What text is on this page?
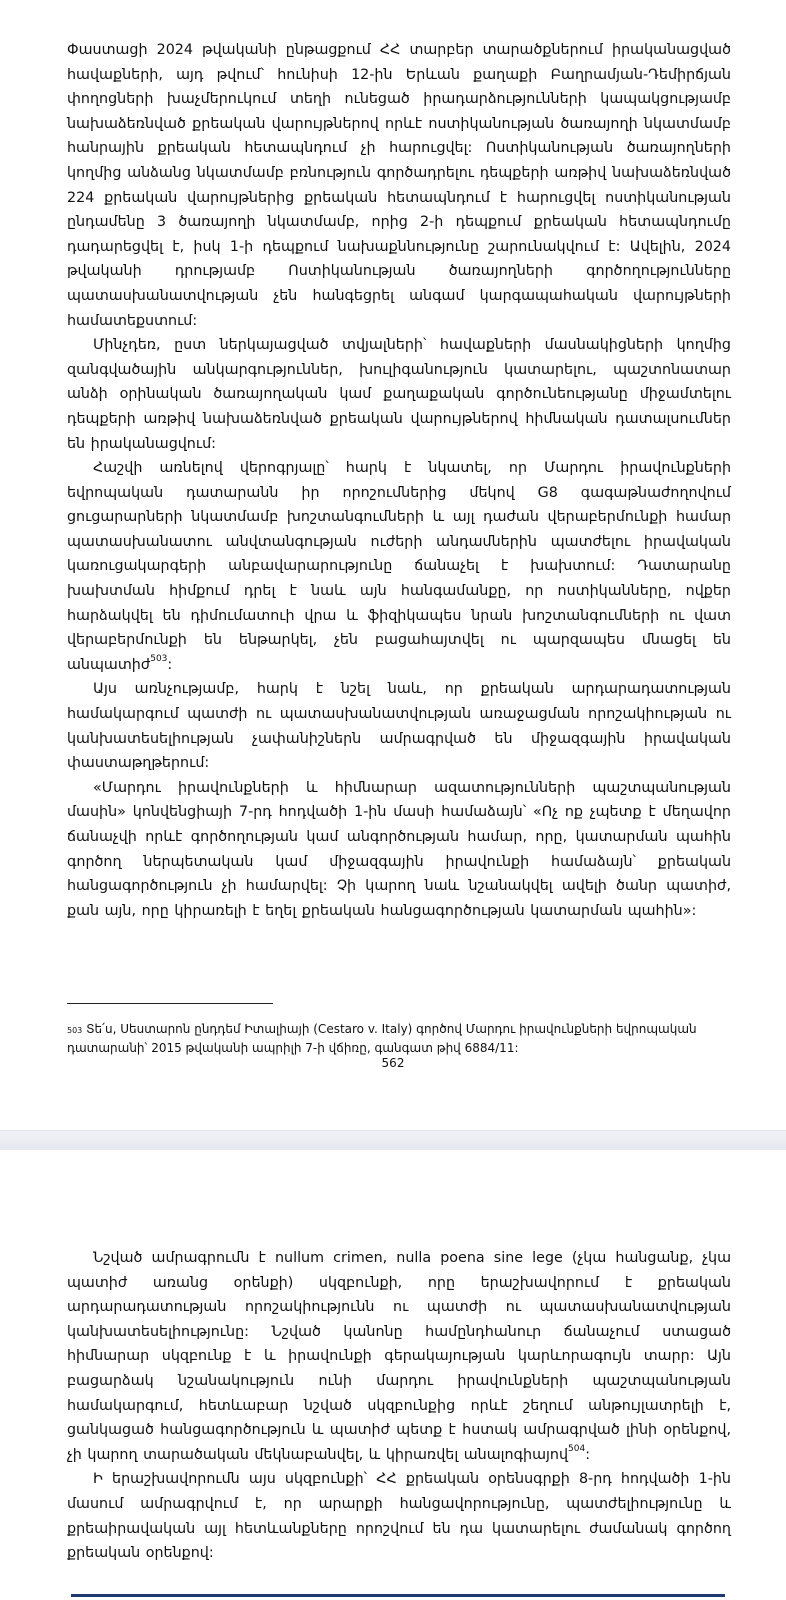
Փաստացի 2024 թվականի ընթացքում ՀՀ տարբեր տարածքներում իրականացված հավաքների, այդ թվում՝ հունիսի 12-ին Երևան քաղաքի Բաղրամյան-Դեմիրճյան փողոցների խաչմերուկում տեղի ունեցած իրադարձությունների կապակցությամբ նախաձեռնված քրեական վարույթներով որևէ ոստիկանության ծառայողի նկատմամբ հանրային քրեական հետապնդում չի հարուցվել: Ոստիկանության ծառայողների կողմից անձանց նկատմամբ բռնություն գործադրելու դեպքերի առթիվ նախաձեռնված 224 քրեական վարույթներից քրեական հետապնդում է հարուցվել ոստիկանության ընդամենը 3 ծառայողի նկատմամբ, որից 2-ի դեպքում քրեական հետապնդումը դադարեցվել է, իսկ 1-ի դեպքում նախաքննությունը շարունակվում է: Ավելին, 2024 թվականի դրությամբ Ոստիկանության ծառայողների գործողությունները պատասխանատվության չեն հանգեցրել անգամ կարգապահական վարույթների համատեքստում:

Մինչդեռ, ըստ ներկայացված տվյալների՝ հավաքների մասնակիցների կողմից զանգվածային անկարգություններ, խուլիգանություն կատարելու, պաշտոնատար անձի օրինական ծառայողական կամ քաղաքական գործունեությանը միջամտելու դեպքերի առթիվ նախաձեռնված քրեական վարույթներով հիմնական դատալսումներ են իրականացվում:

Հաշվի առնելով վերոգրյալը՝ հարկ է նկատել, որ Մարդու իրավունքների եվրոպական դատարանն իր որոշումներից մեկով G8 գագաթնաժողովում ցուցարարների նկատմամբ խոշտանգումների և այլ դաժան վերաբերմունքի համար պատասխանատու անվտանգության ուժերի անդամներին պատժելու իրավական կառուցակարգերի անբավարարությունը ճանաչել է խախտում: Դատարանը խախտման հիմքում դրել է նաև այն հանգամանքը, որ ոստիկանները, ովքեր հարձակվել են դիմումատուի վրա և ֆիզիկապես նրան խոշտանգումների ու վատ վերաբերմունքի են ենթարկել, չեն բացահայտվել ու պարզապես մնացել են անպատիժ$^{503}$:

Այս առնչությամբ, հարկ է նշել նաև, որ քրեական արդարադատության համակարգում պատժի ու պատասխանատվության առաջացման որոշակիության ու կանխատեսելիության չափանիշներն ամրագրված են միջազգային իրավական փաստաթղթերում:

«Մարդու իրավունքների և հիմնարար ազատությունների պաշտպանության մասին» կոնվենցիայի 7-րդ հոդվածի 1-ին մասի համաձայն՝ «Ոչ ոք չպետք է մեղավոր ճանաչվի որևէ գործողության կամ անգործության համար, որը, կատարման պահին գործող ներպետական կամ միջազգային իրավունքի համաձայն՝ քրեական հանցագործություն չի համարվել: Չի կարող նաև նշանակվել ավելի ծանր պատիժ, քան այն, որը կիրառելի է եղել քրեական հանցագործության կատարման պահին»:

$^{503}$ Տե՛ս, Սեստարոն ընդդեմ Իտալիայի (Cestaro v. Italy) գործով Մարդու իրավունքների եվրոպական դատարանի՝ 2015 թվականի ապրիլի 7-ի վճիռը, գանգատ թիվ 6884/11:

562

Նշված ամրագրումն է nullum crimen, nulla poena sine lege (չկա հանցանք, չկա պատիժ առանց օրենքի) սկզբունքի, որը երաշխավորում է քրեական արդարադատության որոշակիությունն ու պատժի ու պատասխանատվության կանխատեսելիությունը: Նշված կանոնը համընդհանուր ճանաչում ստացած հիմնարար սկզբունք է և իրավունքի գերակայության կարևորագույն տարր: Այն բացարձակ նշանակություն ունի մարդու իրավունքների պաշտպանության համակարգում, հետևաբար նշված սկզբունքից որևէ շեղում անթույլատրելի է, ցանկացած հանցագործություն և պատիժ պետք է հստակ ամրագրված լինի օրենքով, չի կարող տարածական մեկնաբանվել, և կիրառվել անալոգիայով$^{504}$:

Ի երաշխավորումն այս սկզբունքի՝ ՀՀ քրեական օրենսգրքի 8-րդ հոդվածի 1-ին մասում ամրագրվում է, որ արարքի հանցավորությունը, պատժելիությունը և քրեաիրավական այլ հետևանքները որոշվում են դա կատարելու ժամանակ գործող քրեական օրենքով:
